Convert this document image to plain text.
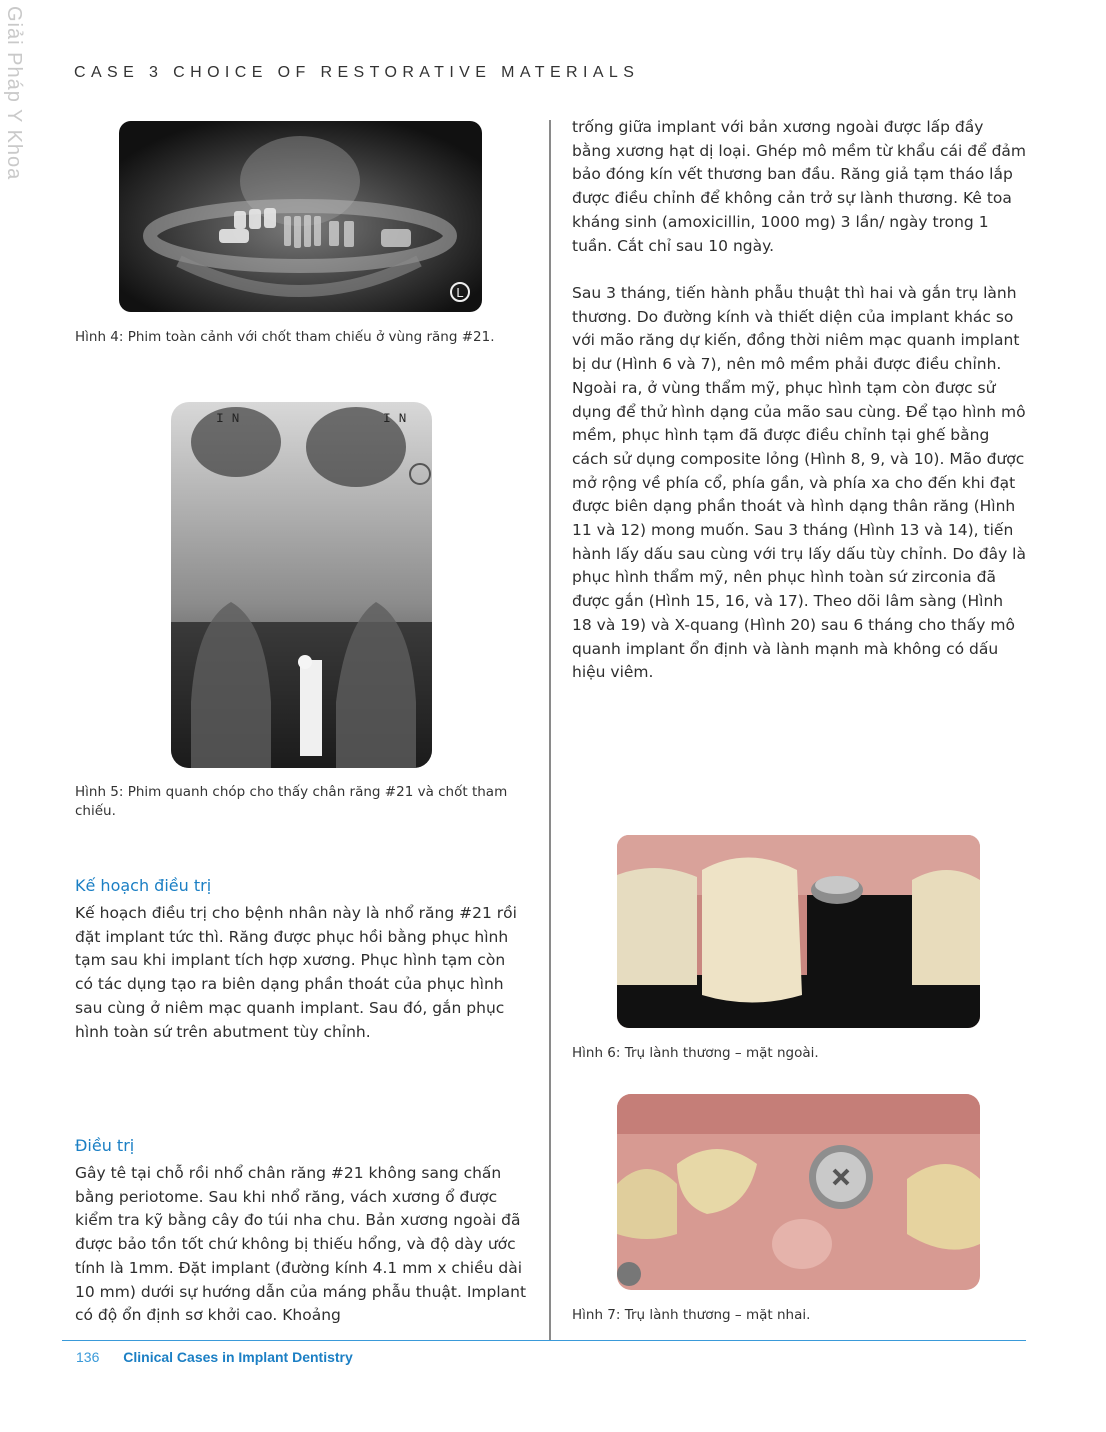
Giải Pháp Y Khoa	CASE 3 CHOICE OF RESTORATIVE MATERIALS
L
Hình 4: Phim toàn cảnh với chốt tham chiếu ở vùng răng #21.
I N	I N
Hình 5: Phim quanh chóp cho thấy chân răng #21 và chốt tham chiếu.
Kế hoạch điều trị

Kế hoạch điều trị cho bệnh nhân này là nhổ răng #21 rồi đặt implant tức thì. Răng được phục hồi bằng phục hình tạm sau khi implant tích hợp xương. Phục hình tạm còn có tác dụng tạo ra biên dạng phần thoát của phục hình sau cùng ở niêm mạc quanh implant. Sau đó, gắn phục hình toàn sứ trên abutment tùy chỉnh.

Điều trị

Gây tê tại chỗ rồi nhổ chân răng #21 không sang chấn bằng periotome. Sau khi nhổ răng, vách xương ổ được kiểm tra kỹ bằng cây đo túi nha chu. Bản xương ngoài đã được bảo tồn tốt chứ không bị thiếu hổng, và độ dày ước tính là 1mm. Đặt implant (đường kính 4.1 mm x chiều dài 10 mm) dưới sự hướng dẫn của máng phẫu thuật. Implant có độ ổn định sơ khởi cao. Khoảng

trống giữa implant với bản xương ngoài được lấp đầy bằng xương hạt dị loại. Ghép mô mềm từ khẩu cái để đảm bảo đóng kín vết thương ban đầu. Răng giả tạm tháo lắp được điều chỉnh để không cản trở sự lành thương. Kê toa kháng sinh (amoxicillin, 1000 mg) 3 lần/ ngày trong 1 tuần. Cắt chỉ sau 10 ngày.

Sau 3 tháng, tiến hành phẫu thuật thì hai và gắn trụ lành thương. Do đường kính và thiết diện của implant khác so với mão răng dự kiến, đồng thời niêm mạc quanh implant bị dư (Hình 6 và 7), nên mô mềm phải được điều chỉnh. Ngoài ra, ở vùng thẩm mỹ, phục hình tạm còn được sử dụng để thử hình dạng của mão sau cùng. Để tạo hình mô mềm, phục hình tạm đã được điều chỉnh tại ghế bằng cách sử dụng composite lỏng (Hình 8, 9, và 10). Mão được mở rộng về phía cổ, phía gần, và phía xa cho đến khi đạt được biên dạng phần thoát và hình dạng thân răng (Hình 11 và 12) mong muốn. Sau 3 tháng (Hình 13 và 14), tiến hành lấy dấu sau cùng với trụ lấy dấu tùy chỉnh. Do đây là phục hình thẩm mỹ, nên phục hình toàn sứ zirconia đã được gắn (Hình 15, 16, và 17). Theo dõi lâm sàng (Hình 18 và 19) và X-quang (Hình 20) sau 6 tháng cho thấy mô quanh implant ổn định và lành mạnh mà không có dấu hiệu viêm.

Hình 6: Trụ lành thương – mặt ngoài.
Hình 7: Trụ lành thương – mặt nhai.
136 Clinical Cases in Implant Dentistry
